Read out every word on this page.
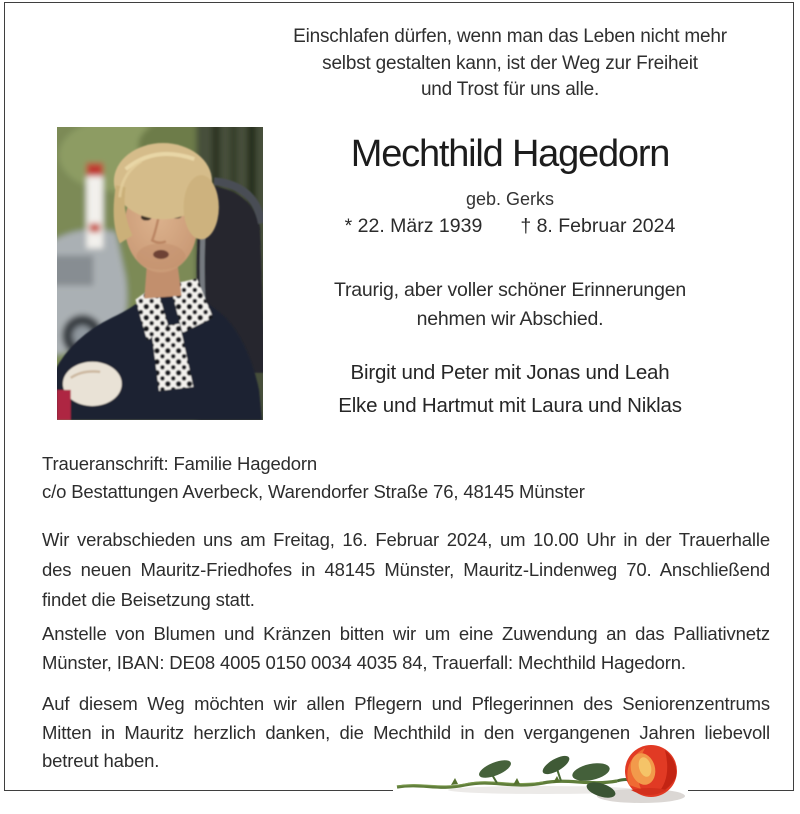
Einschlafen dürfen, wenn man das Leben nicht mehr
selbst gestalten kann, ist der Weg zur Freiheit
und Trost für uns alle.
Mechthild Hagedorn
geb. Gerks
* 22. März 1939 † 8. Februar 2024
Traurig, aber voller schöner Erinnerungen
nehmen wir Abschied.
Birgit und Peter mit Jonas und Leah
Elke und Hartmut mit Laura und Niklas
Traueranschrift: Familie Hagedorn
c/o Bestattungen Averbeck, Warendorfer Straße 76, 48145 Münster
Wir verabschieden uns am Freitag, 16. Februar 2024, um 10.00 Uhr in der Trauerhalle
des neuen Mauritz-Friedhofes in 48145 Münster, Mauritz-Lindenweg 70. Anschließend
findet die Beisetzung statt.
Anstelle von Blumen und Kränzen bitten wir um eine Zuwendung an das Palliativnetz
Münster, IBAN: DE08 4005 0150 0034 4035 84, Trauerfall: Mechthild Hagedorn.
Auf diesem Weg möchten wir allen Pflegern und Pflegerinnen des Seniorenzentrums
Mitten in Mauritz herzlich danken, die Mechthild in den vergangenen Jahren liebevoll
betreut haben.
